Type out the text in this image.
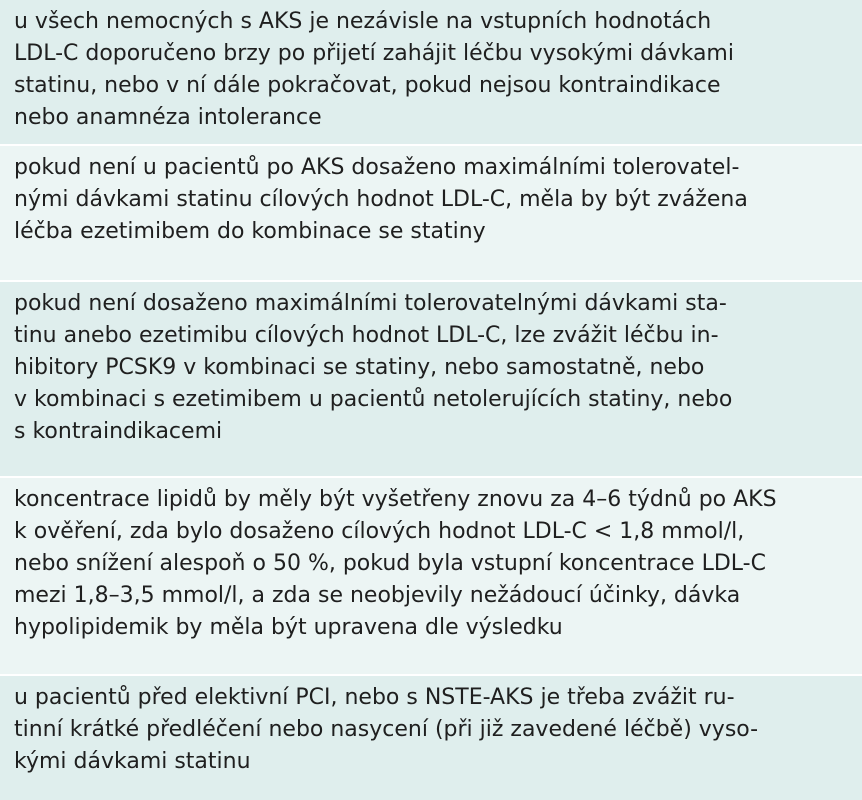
u všech nemocných s AKS je nezávisle na vstupních hodnotách
LDL-C doporučeno brzy po přijetí zahájit léčbu vysokými dávkami
statinu, nebo v ní dále pokračovat, pokud nejsou kontraindikace
nebo anamnéza intolerance
pokud není u pacientů po AKS dosaženo maximálními tolerovatel-
nými dávkami statinu cílových hodnot LDL-C, měla by být zvážena
léčba ezetimibem do kombinace se statiny
pokud není dosaženo maximálními tolerovatelnými dávkami sta-
tinu anebo ezetimibu cílových hodnot LDL-C, lze zvážit léčbu in-
hibitory PCSK9 v kombinaci se statiny, nebo samostatně, nebo
v kombinaci s ezetimibem u pacientů netolerujících statiny, nebo
s kontraindikacemi
koncentrace lipidů by měly být vyšetřeny znovu za 4–6 týdnů po AKS
k ověření, zda bylo dosaženo cílových hodnot LDL-C < 1,8 mmol/l,
nebo snížení alespoň o 50 %, pokud byla vstupní koncentrace LDL-C
mezi 1,8–3,5 mmol/l, a zda se neobjevily nežádoucí účinky, dávka
hypolipidemik by měla být upravena dle výsledku
u pacientů před elektivní PCI, nebo s NSTE-AKS je třeba zvážit ru-
tinní krátké předléčení nebo nasycení (při již zavedené léčbě) vyso-
kými dávkami statinu
